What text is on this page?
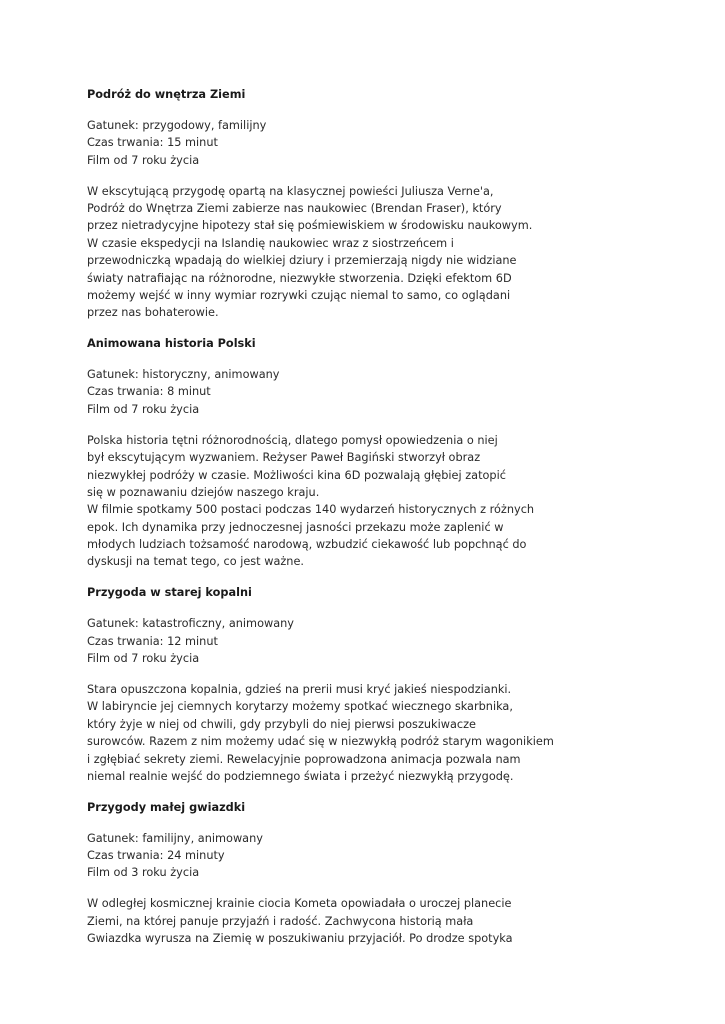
Podróż do wnętrza Ziemi
Gatunek: przygodowy, familijny
Czas trwania: 15 minut
Film od 7 roku życia
W ekscytującą przygodę opartą na klasycznej powieści Juliusza Verne'a,
Podróż do Wnętrza Ziemi zabierze nas naukowiec (Brendan Fraser), który
przez nietradycyjne hipotezy stał się pośmiewiskiem w środowisku naukowym.
W czasie ekspedycji na Islandię naukowiec wraz z siostrzeńcem i
przewodniczką wpadają do wielkiej dziury i przemierzają nigdy nie widziane
światy natrafiając na różnorodne, niezwykłe stworzenia. Dzięki efektom 6D
możemy wejść w inny wymiar rozrywki czując niemal to samo, co oglądani
przez nas bohaterowie.
Animowana historia Polski
Gatunek: historyczny, animowany
Czas trwania: 8 minut
Film od 7 roku życia
Polska historia tętni różnorodnością, dlatego pomysł opowiedzenia o niej
był ekscytującym wyzwaniem. Reżyser Paweł Bagiński stworzył obraz
niezwykłej podróży w czasie. Możliwości kina 6D pozwalają głębiej zatopić
się w poznawaniu dziejów naszego kraju.
W filmie spotkamy 500 postaci podczas 140 wydarzeń historycznych z różnych
epok. Ich dynamika przy jednoczesnej jasności przekazu może zaplenić w
młodych ludziach tożsamość narodową, wzbudzić ciekawość lub popchnąć do
dyskusji na temat tego, co jest ważne.
Przygoda w starej kopalni
Gatunek: katastroficzny, animowany
Czas trwania: 12 minut
Film od 7 roku życia
Stara opuszczona kopalnia, gdzieś na prerii musi kryć jakieś niespodzianki.
W labiryncie jej ciemnych korytarzy możemy spotkać wiecznego skarbnika,
który żyje w niej od chwili, gdy przybyli do niej pierwsi poszukiwacze
surowców. Razem z nim możemy udać się w niezwykłą podróż starym wagonikiem
i zgłębiać sekrety ziemi. Rewelacyjnie poprowadzona animacja pozwala nam
niemal realnie wejść do podziemnego świata i przeżyć niezwykłą przygodę.
Przygody małej gwiazdki
Gatunek: familijny, animowany
Czas trwania: 24 minuty
Film od 3 roku życia
W odległej kosmicznej krainie ciocia Kometa opowiadała o uroczej planecie
Ziemi, na której panuje przyjaźń i radość. Zachwycona historią mała
Gwiazdka wyrusza na Ziemię w poszukiwaniu przyjaciół. Po drodze spotyka
